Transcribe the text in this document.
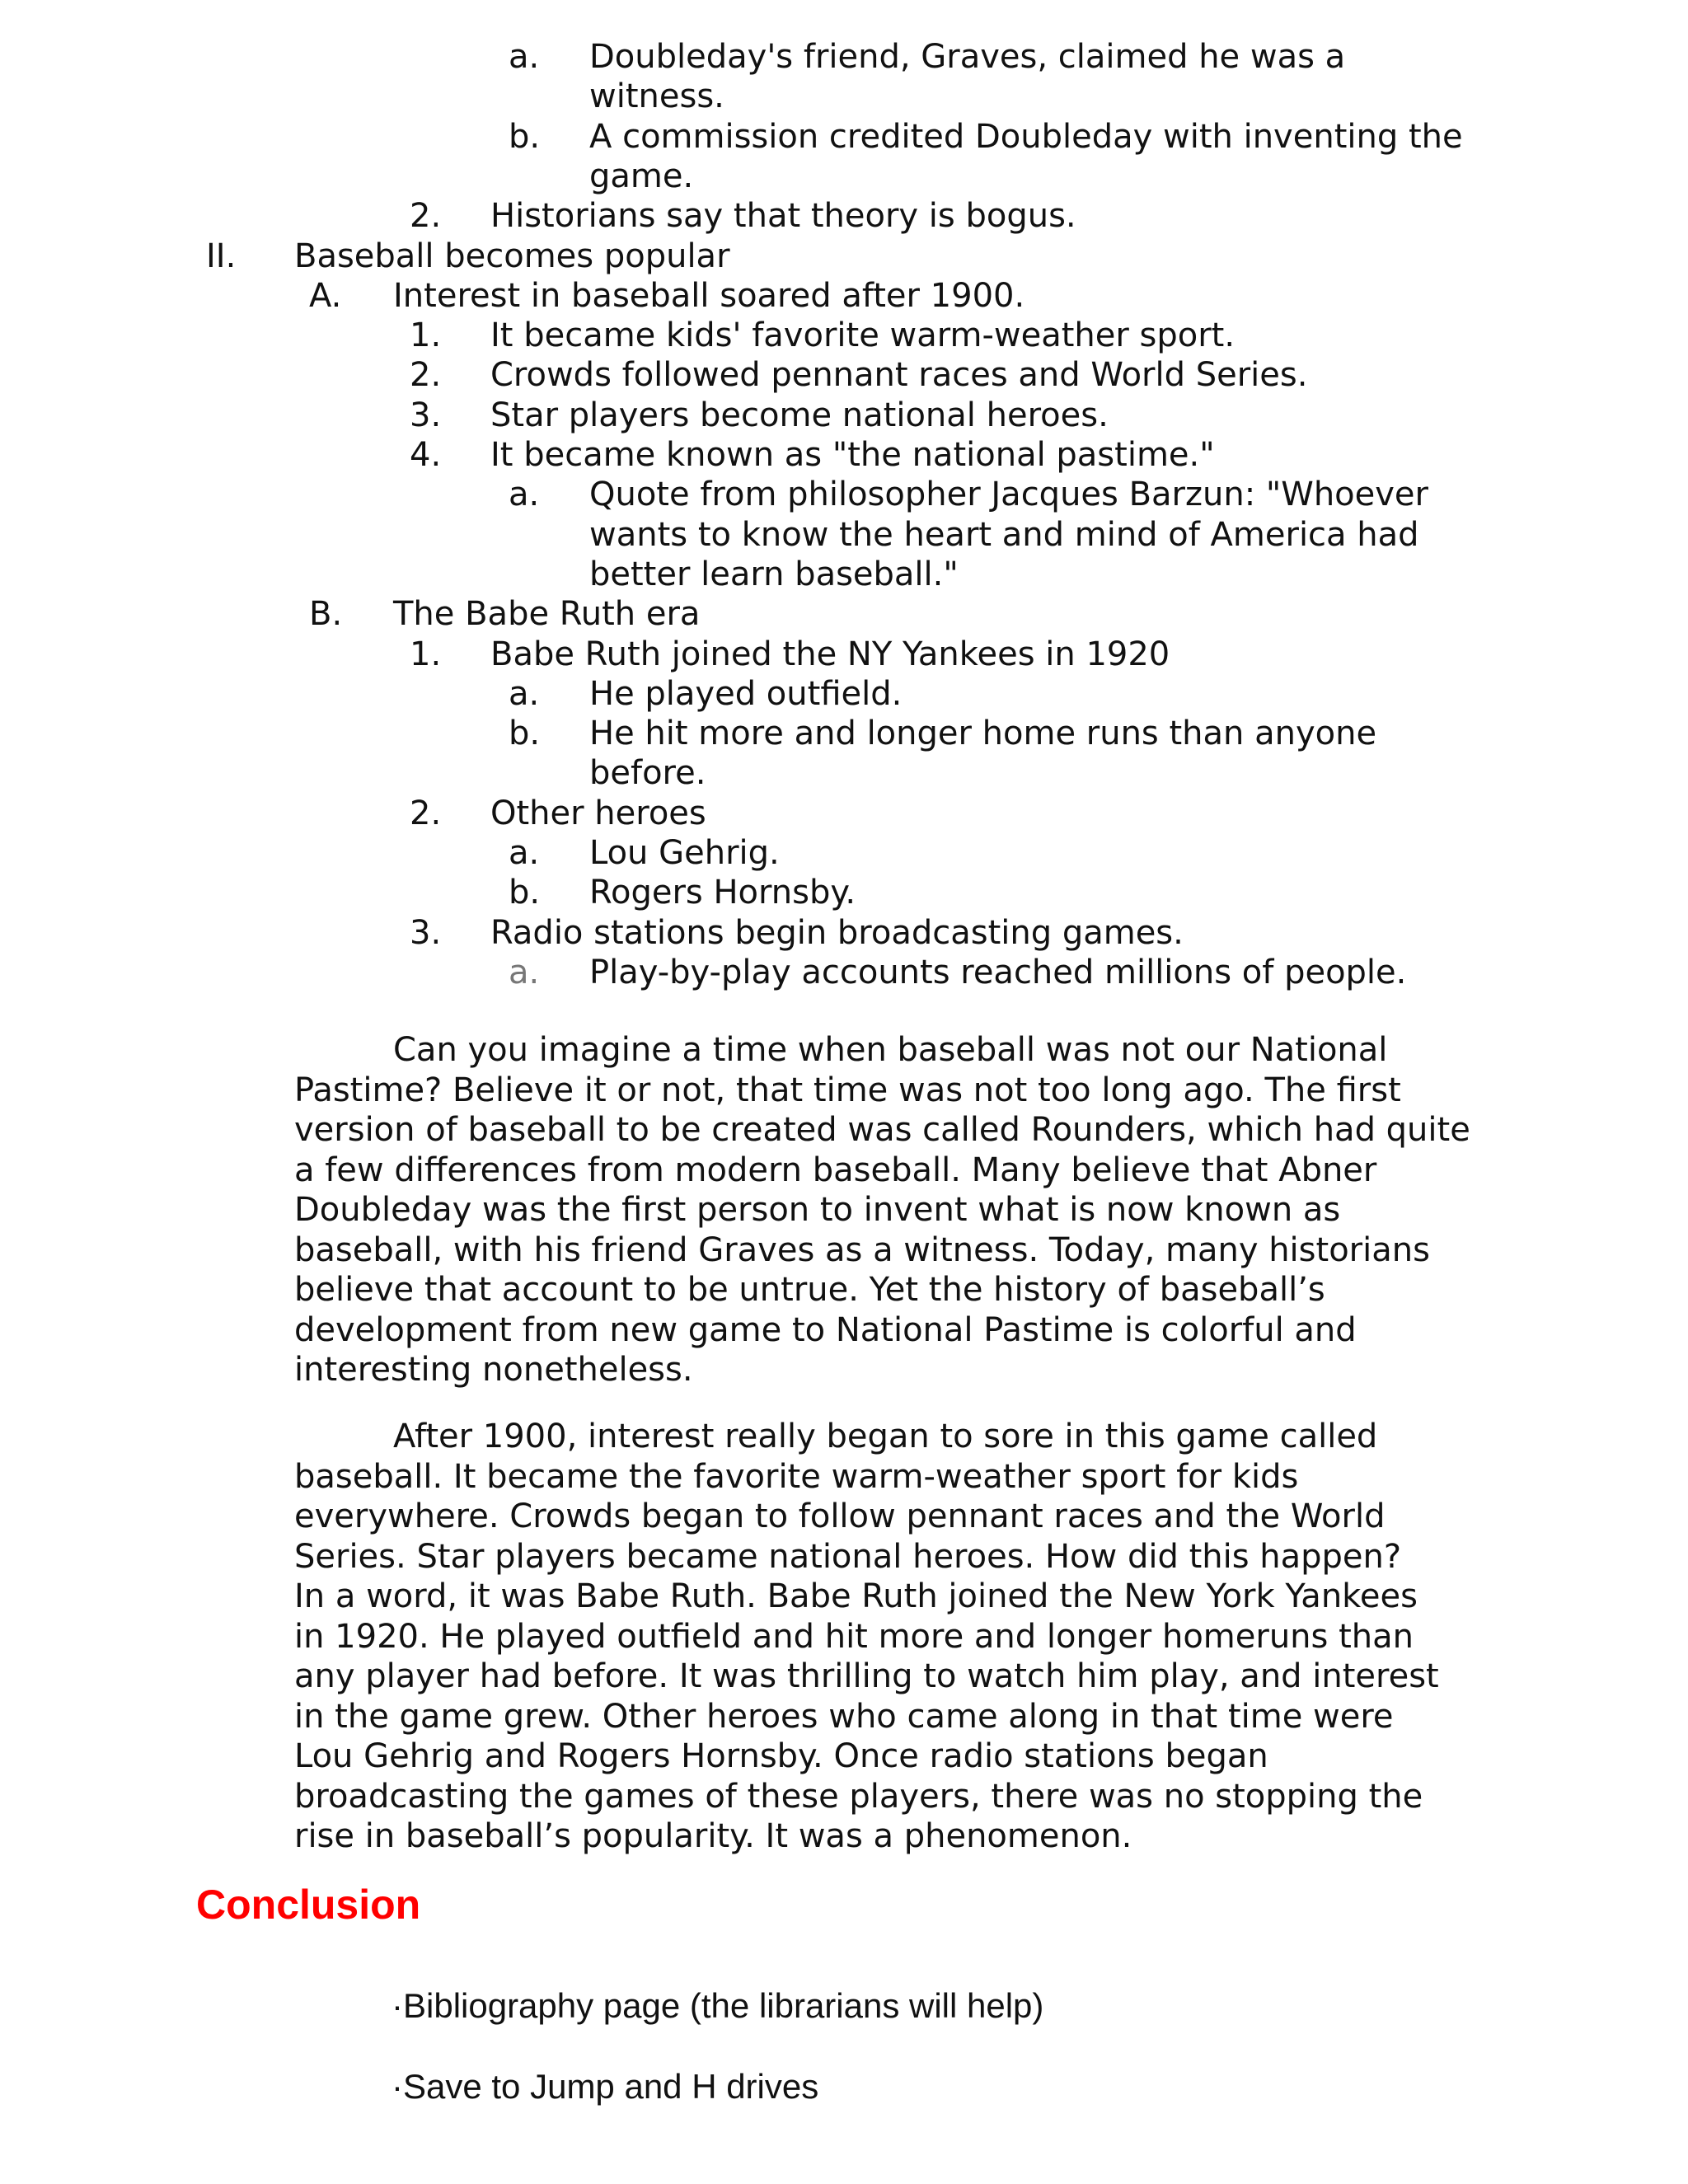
a. Doubleday's friend, Graves, claimed he was a
witness.
b. A commission credited Doubleday with inventing the
game.
2. Historians say that theory is bogus.
II. Baseball becomes popular
A. Interest in baseball soared after 1900.
1. It became kids' favorite warm-weather sport.
2. Crowds followed pennant races and World Series.
3. Star players become national heroes.
4. It became known as "the national pastime."
a. Quote from philosopher Jacques Barzun: "Whoever
wants to know the heart and mind of America had
better learn baseball."
B. The Babe Ruth era
1. Babe Ruth joined the NY Yankees in 1920
a. He played outfield.
b. He hit more and longer home runs than anyone
before.
2. Other heroes
a. Lou Gehrig.
b. Rogers Hornsby.
3. Radio stations begin broadcasting games.
a. Play-by-play accounts reached millions of people.
Can you imagine a time when baseball was not our National
Pastime? Believe it or not, that time was not too long ago. The first
version of baseball to be created was called Rounders, which had quite
a few differences from modern baseball. Many believe that Abner
Doubleday was the first person to invent what is now known as
baseball, with his friend Graves as a witness. Today, many historians
believe that account to be untrue. Yet the history of baseball’s
development from new game to National Pastime is colorful and
interesting nonetheless.
After 1900, interest really began to sore in this game called
baseball. It became the favorite warm-weather sport for kids
everywhere. Crowds began to follow pennant races and the World
Series. Star players became national heroes. How did this happen?
In a word, it was Babe Ruth. Babe Ruth joined the New York Yankees
in 1920. He played outfield and hit more and longer homeruns than
any player had before. It was thrilling to watch him play, and interest
in the game grew. Other heroes who came along in that time were
Lou Gehrig and Rogers Hornsby. Once radio stations began
broadcasting the games of these players, there was no stopping the
rise in baseball’s popularity. It was a phenomenon.
Conclusion
·Bibliography page (the librarians will help)
·Save to Jump and H drives
